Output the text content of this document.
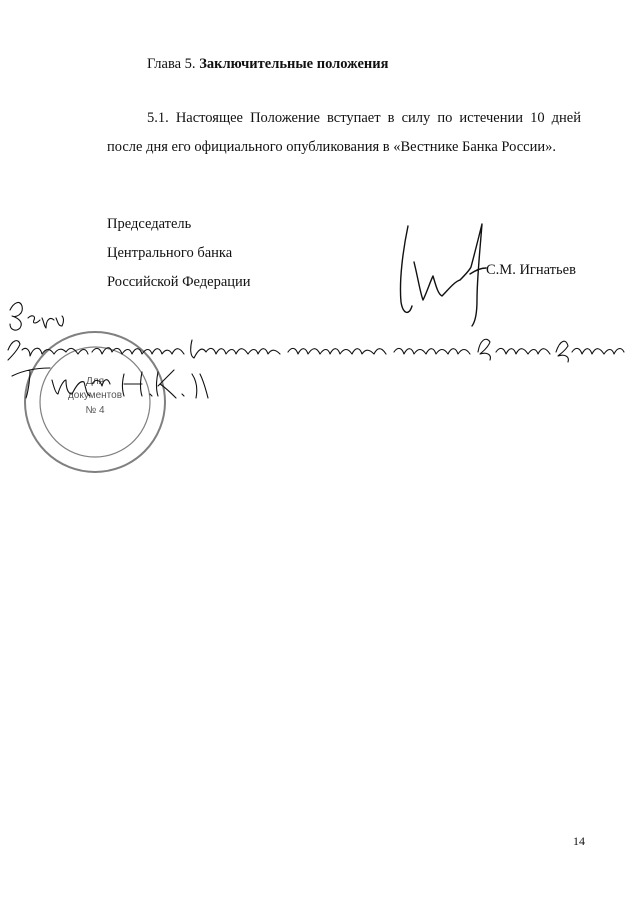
Глава 5. Заключительные положения
5.1. Настоящее Положение вступает в силу по истечении 10 дней
после дня его официального опубликования в «Вестнике Банка России».
Председатель
Центрального банка
Российской Федерации
С.М. Игнатьев
Для
документов
№ 4
14
